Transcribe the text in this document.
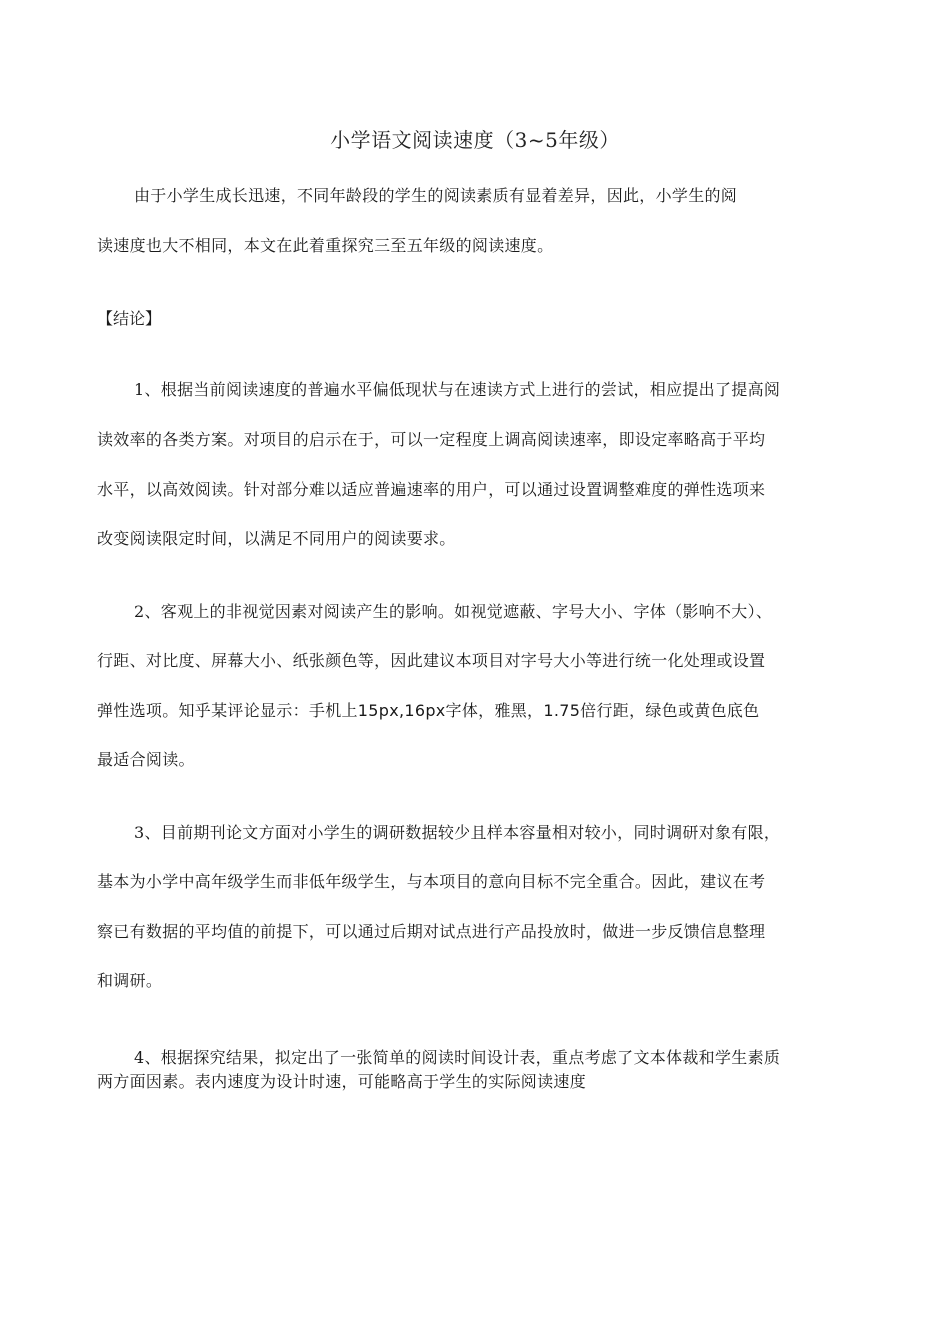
小学语文阅读速度（3~5年级）
由于小学生成长迅速，不同年龄段的学生的阅读素质有显着差异，因此，小学生的阅
读速度也大不相同，本文在此着重探究三至五年级的阅读速度。
【结论】
1、根据当前阅读速度的普遍水平偏低现状与在速读方式上进行的尝试，相应提出了提高阅
读效率的各类方案。对项目的启示在于，可以一定程度上调高阅读速率，即设定率略高于平均
水平，以高效阅读。针对部分难以适应普遍速率的用户，可以通过设置调整难度的弹性选项来
改变阅读限定时间，以满足不同用户的阅读要求。
2、客观上的非视觉因素对阅读产生的影响。如视觉遮蔽、字号大小、字体（影响不大）、
行距、对比度、屏幕大小、纸张颜色等，因此建议本项目对字号大小等进行统一化处理或设置
弹性选项。知乎某评论显示：手机上15px,16px字体，雅黑，1.75倍行距，绿色或黄色底色
最适合阅读。
3、目前期刊论文方面对小学生的调研数据较少且样本容量相对较小，同时调研对象有限，
基本为小学中高年级学生而非低年级学生，与本项目的意向目标不完全重合。因此，建议在考
察已有数据的平均值的前提下，可以通过后期对试点进行产品投放时，做进一步反馈信息整理
和调研。
4、根据探究结果，拟定出了一张简单的阅读时间设计表，重点考虑了文本体裁和学生素质
两方面因素。表内速度为设计时速，可能略高于学生的实际阅读速度
